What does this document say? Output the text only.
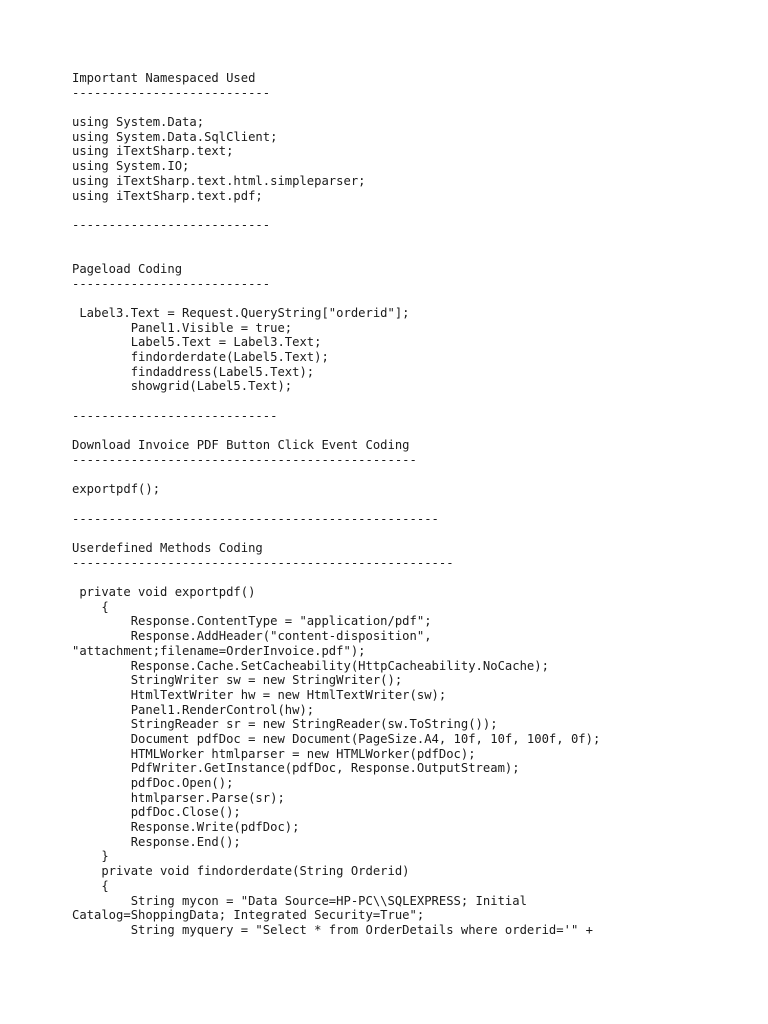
Important Namespaced Used
---------------------------
using System.Data;
using System.Data.SqlClient;
using iTextSharp.text;
using System.IO;
using iTextSharp.text.html.simpleparser;
using iTextSharp.text.pdf;
---------------------------
Pageload Coding
---------------------------
Label3.Text = Request.QueryString["orderid"];
Panel1.Visible = true;
Label5.Text = Label3.Text;
findorderdate(Label5.Text);
findaddress(Label5.Text);
showgrid(Label5.Text);
----------------------------
Download Invoice PDF Button Click Event Coding
-----------------------------------------------
exportpdf();
--------------------------------------------------
Userdefined Methods Coding
----------------------------------------------------
private void exportpdf()
{
Response.ContentType = "application/pdf";
Response.AddHeader("content-disposition",
"attachment;filename=OrderInvoice.pdf");
Response.Cache.SetCacheability(HttpCacheability.NoCache);
StringWriter sw = new StringWriter();
HtmlTextWriter hw = new HtmlTextWriter(sw);
Panel1.RenderControl(hw);
StringReader sr = new StringReader(sw.ToString());
Document pdfDoc = new Document(PageSize.A4, 10f, 10f, 100f, 0f);
HTMLWorker htmlparser = new HTMLWorker(pdfDoc);
PdfWriter.GetInstance(pdfDoc, Response.OutputStream);
pdfDoc.Open();
htmlparser.Parse(sr);
pdfDoc.Close();
Response.Write(pdfDoc);
Response.End();
}
private void findorderdate(String Orderid)
{
String mycon = "Data Source=HP-PC\\SQLEXPRESS; Initial
Catalog=ShoppingData; Integrated Security=True";
String myquery = "Select * from OrderDetails where orderid='" +
